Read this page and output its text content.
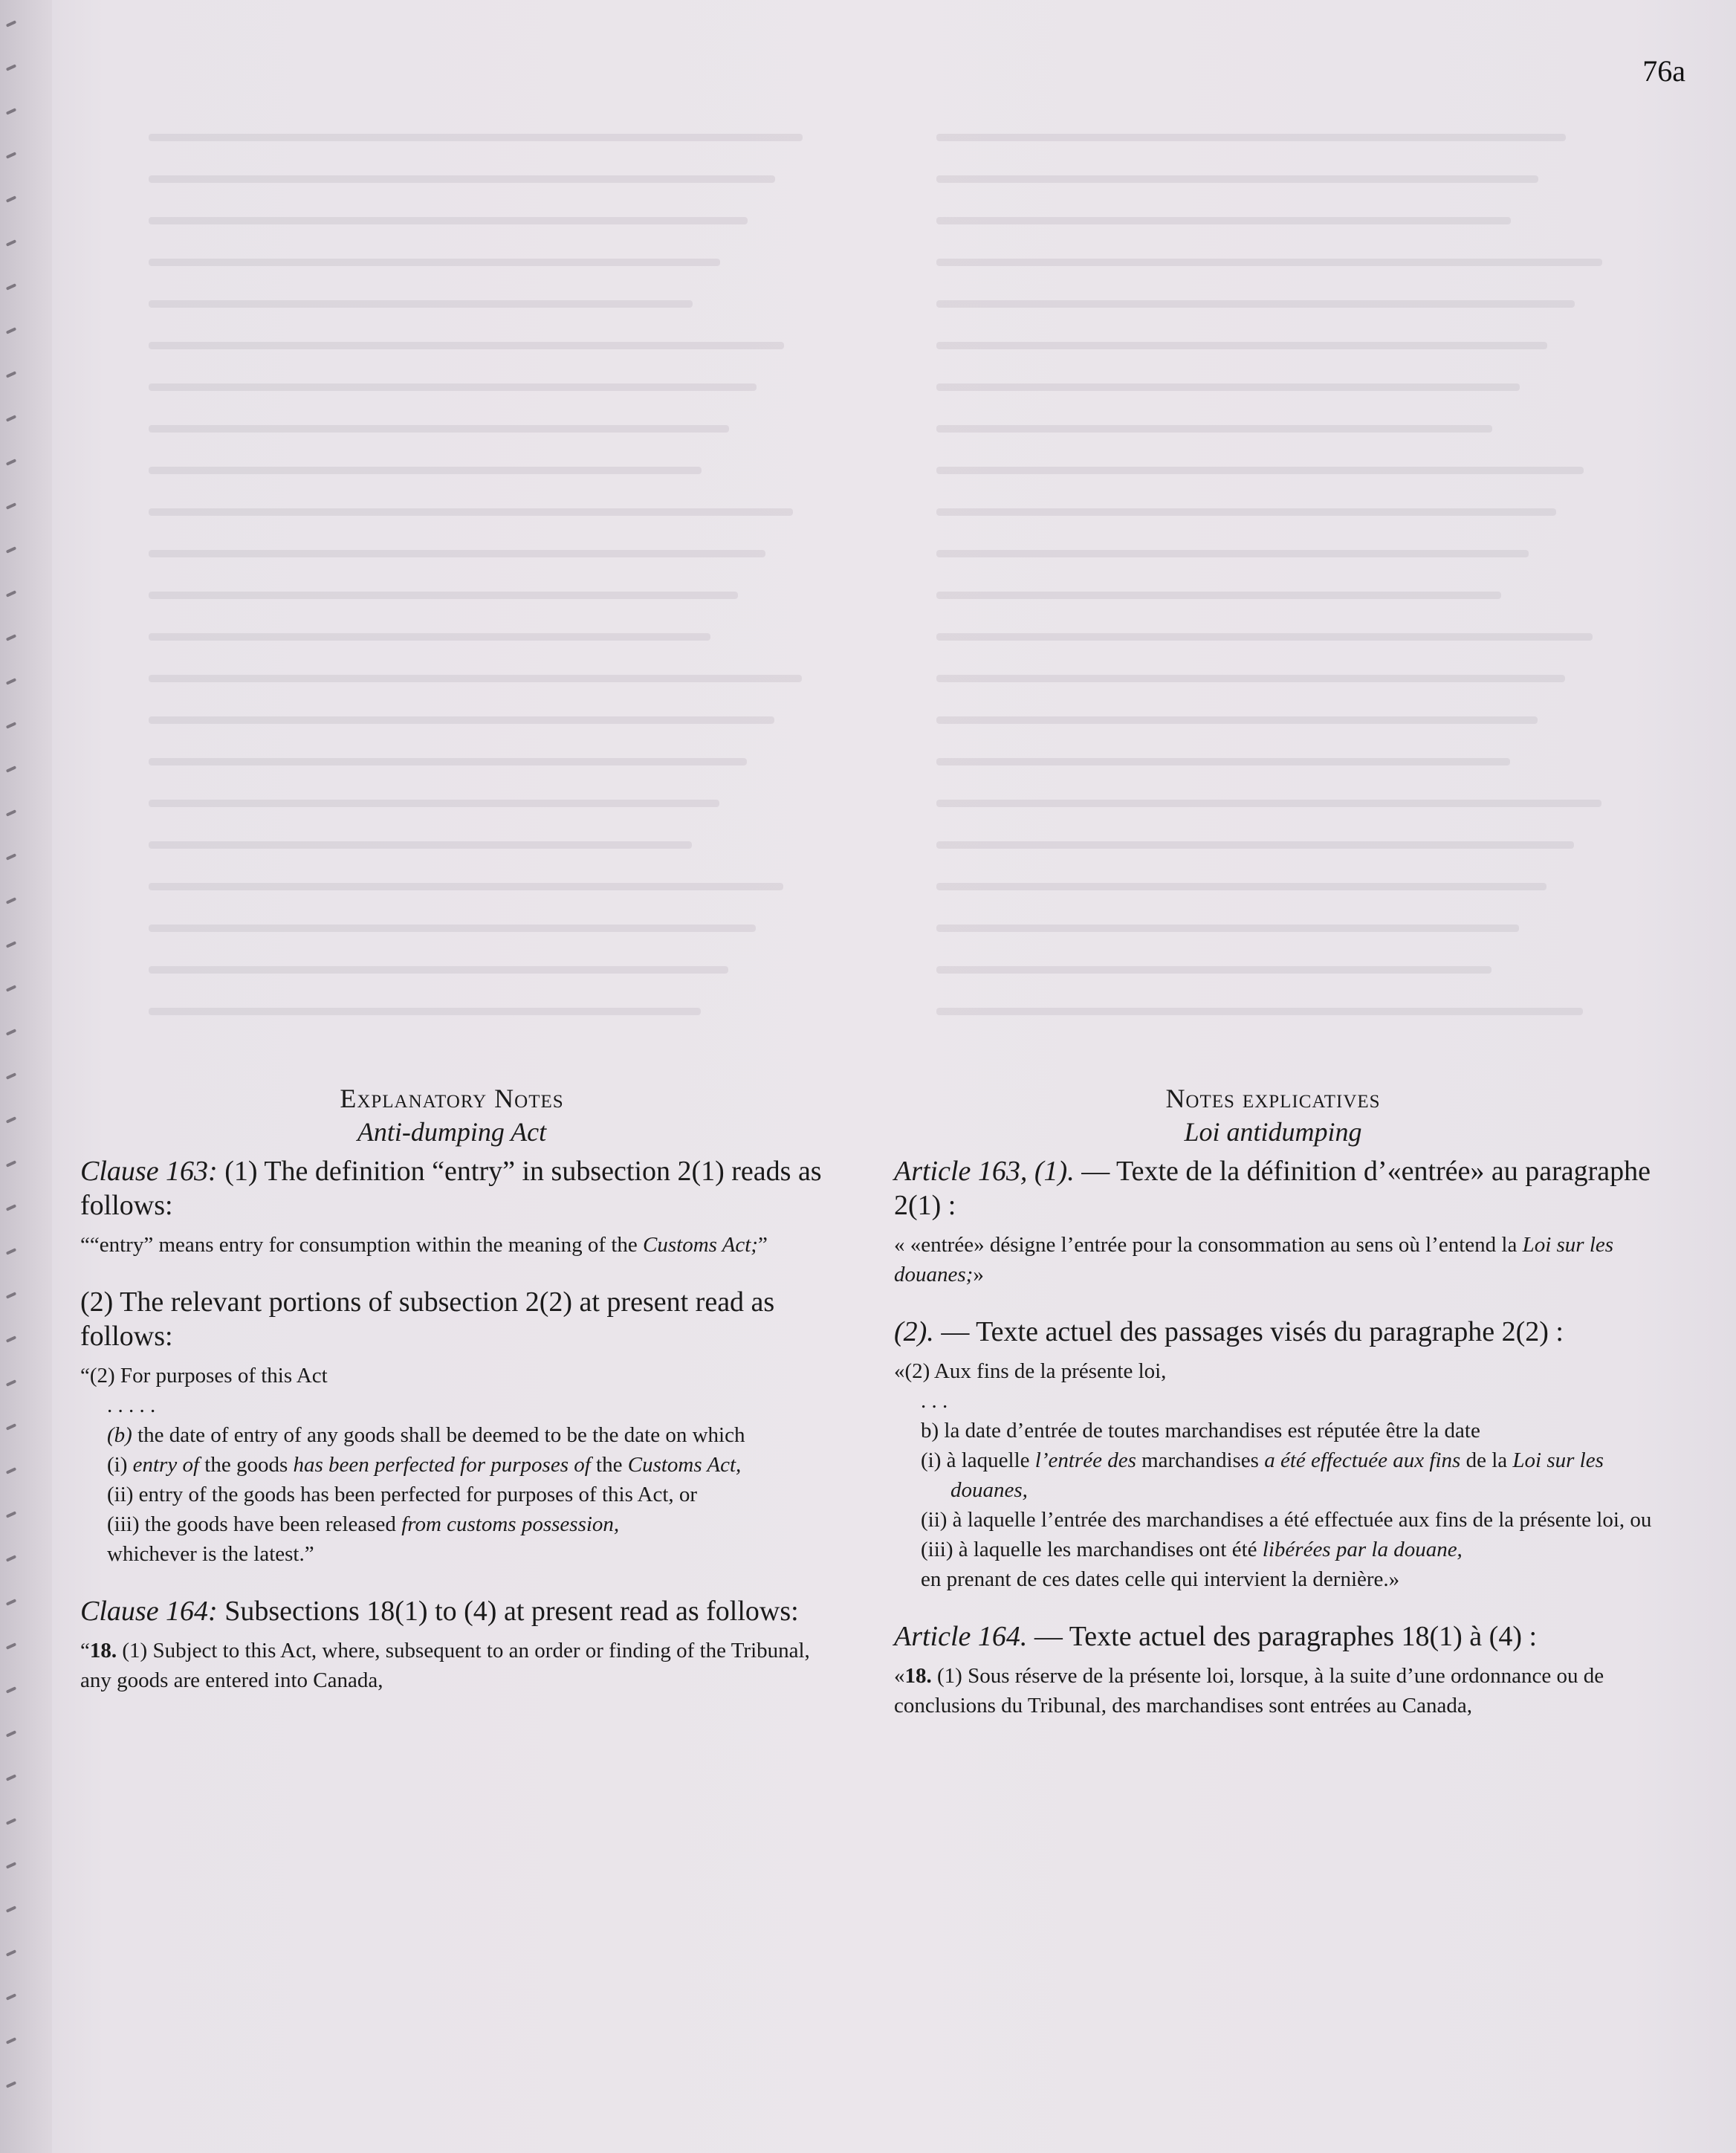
76a

Explanatory Notes

Anti-dumping Act

Clause 163: (1) The definition “entry” in subsection 2(1) reads as follows:

““entry” means entry for consumption within the meaning of the Customs Act;”

(2) The relevant portions of subsection 2(2) at present read as follows:

“(2) For purposes of this Act

. . . . .

(b) the date of entry of any goods shall be deemed to be the date on which

(i) entry of the goods has been perfected for purposes of the Customs Act,

(ii) entry of the goods has been perfected for purposes of this Act, or

(iii) the goods have been released from customs possession,

whichever is the latest.”

Clause 164: Subsections 18(1) to (4) at present read as follows:

“18. (1) Subject to this Act, where, subsequent to an order or finding of the Tribunal, any goods are entered into Canada,

Notes explicatives

Loi antidumping

Article 163, (1). — Texte de la définition d’«entrée» au paragraphe 2(1) :

« «entrée» désigne l’entrée pour la consommation au sens où l’entend la Loi sur les douanes;»

(2). — Texte actuel des passages visés du paragraphe 2(2) :

«(2) Aux fins de la présente loi,

. . .

b) la date d’entrée de toutes marchandises est réputée être la date

(i) à laquelle l’entrée des marchandises a été effectuée aux fins de la Loi sur les douanes,

(ii) à laquelle l’entrée des marchandises a été effectuée aux fins de la présente loi, ou

(iii) à laquelle les marchandises ont été libérées par la douane,

en prenant de ces dates celle qui intervient la dernière.»

Article 164. — Texte actuel des paragraphes 18(1) à (4) :

«18. (1) Sous réserve de la présente loi, lorsque, à la suite d’une ordonnance ou de conclusions du Tribunal, des marchandises sont entrées au Canada,
